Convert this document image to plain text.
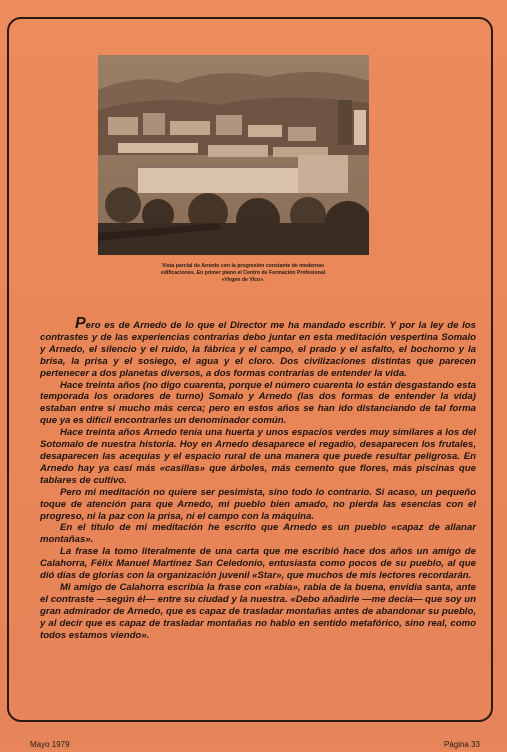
Vista parcial de Arnedo con la progresión constante de modernas
edificaciones. En primer plano el Centro de Formación Profesional
«Virgen de Vico».

Pero es de Arnedo de lo que el Director me ha mandado escribir. Y por la ley de los contrastes y de las experiencias contrarias debo juntar en esta meditación vespertina Somalo y Arnedo, el silencio y el ruido, la fábrica y el campo, el prado y el asfalto, el bochorno y la brisa, la prisa y el sosiego, el agua y el cloro. Dos civilizaciones distintas que parecen pertenecer a dos planetas diversos, a dos formas contrarias de entender la vida.

Hace treinta años (no digo cuarenta, porque el número cuarenta lo están desgastando esta temporada los oradores de turno) Somalo y Arnedo (las dos formas de entender la vida) estaban entre sí mucho más cerca; pero en estos años se han ido distanciando de tal forma que ya es difícil encontrarles un denominador común.

Hace treinta años Arnedo tenía una huerta y unos espacios verdes muy similares a los del Sotomalo de nuestra historia. Hoy en Arnedo desaparece el regadío, desaparecen los frutales, desaparecen las acequias y el espacio rural de una manera que puede resultar peligrosa. En Arnedo hay ya casi más «casillas» que árboles, más cemento que flores, más piscinas que tablares de cultivo.

Pero mi meditación no quiere ser pesimista, sino todo lo contrario. Si acaso, un pequeño toque de atención para que Arnedo, mi pueblo bien amado, no pierda las esencias con el progreso, ni la paz con la prisa, ni el campo con la máquina.

En el título de mi meditación he escrito que Arnedo es un pueblo «capaz de allanar montañas».

La frase la tomo literalmente de una carta que me escribió hace dos años un amigo de Calahorra, Félix Manuel Martínez San Celedonio, entusiasta como pocos de su pueblo, al que dió días de glorias con la organización juvenil «Star», que muchos de mis lectores recordarán.

Mi amigo de Calahorra escribía la frase con «rabia», rabia de la buena, envidia santa, ante el contraste —según él— entre su ciudad y la nuestra. «Debo añadirle —me decía— que soy un gran admirador de Arnedo, que es capaz de trasladar montañas antes de abandonar su pueblo, y al decir que es capaz de trasladar montañas no hablo en sentido metafórico, sino real, como todos estamos viendo».

Mayo 1979	Página 33
